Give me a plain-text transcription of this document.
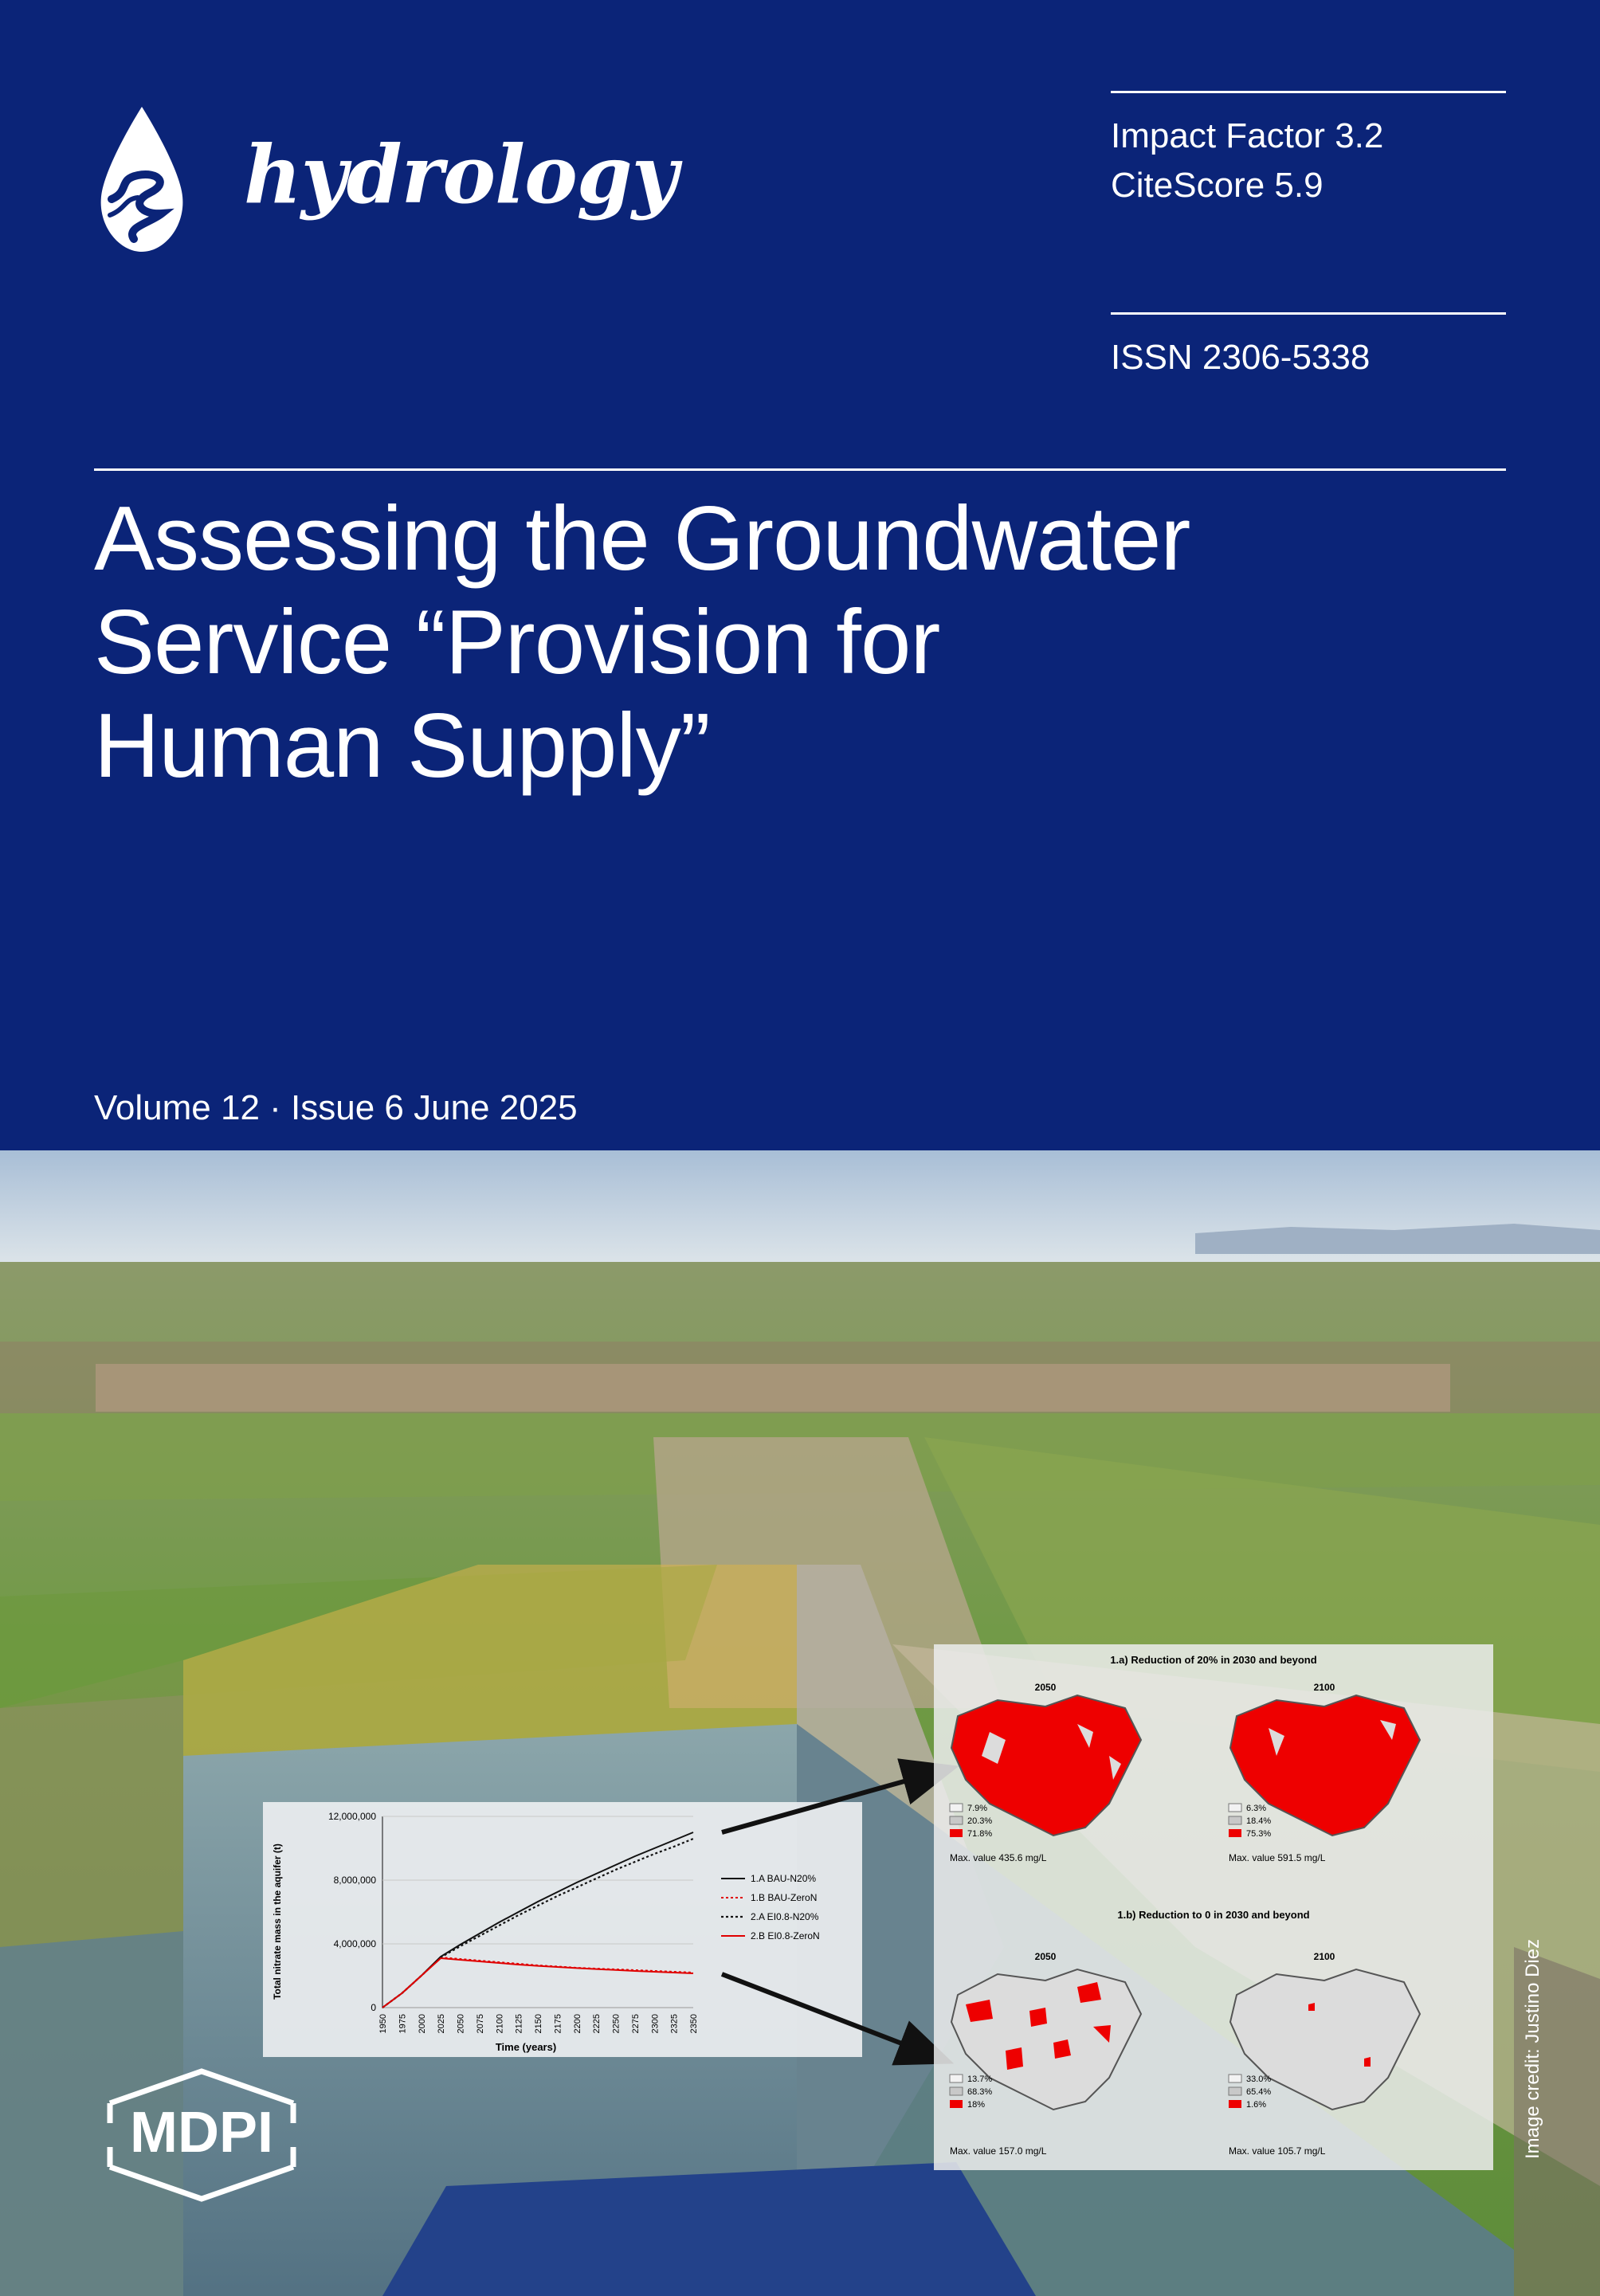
hydrology	Impact Factor 3.2
CiteScore 5.9
ISSN 2306-5338
Assessing the Groundwater
Service “Provision for
Human Supply”
Volume 12 · Issue 6 June 2025
1950 1975 2000 2025 2050 2075 2100 2125 2150 2175 2200 2225 2250 2275 2300 2325 2350
0
4,000,000
8,000,000
12,000,000
Time (years)
Total nitrate mass in the aquifer (t)	1.A BAU-N20%
1.B BAU-ZeroN
2.A EI0.8-N20%
2.B EI0.8-ZeroN
1.a) Reduction of 20% in 2030 and beyond
2050	2100
7.9%
20.3%
71.8%
Max. value 435.6 mg/L
6.3%
18.4%
75.3%
Max. value 591.5 mg/L
1.b) Reduction to 0 in 2030 and beyond
2050	2100
13.7%
68.3%
18%
Max. value 157.0 mg/L
33.0%
65.4%
1.6%
Max. value 105.7 mg/L
MDPI	Image credit: Justino Diez
